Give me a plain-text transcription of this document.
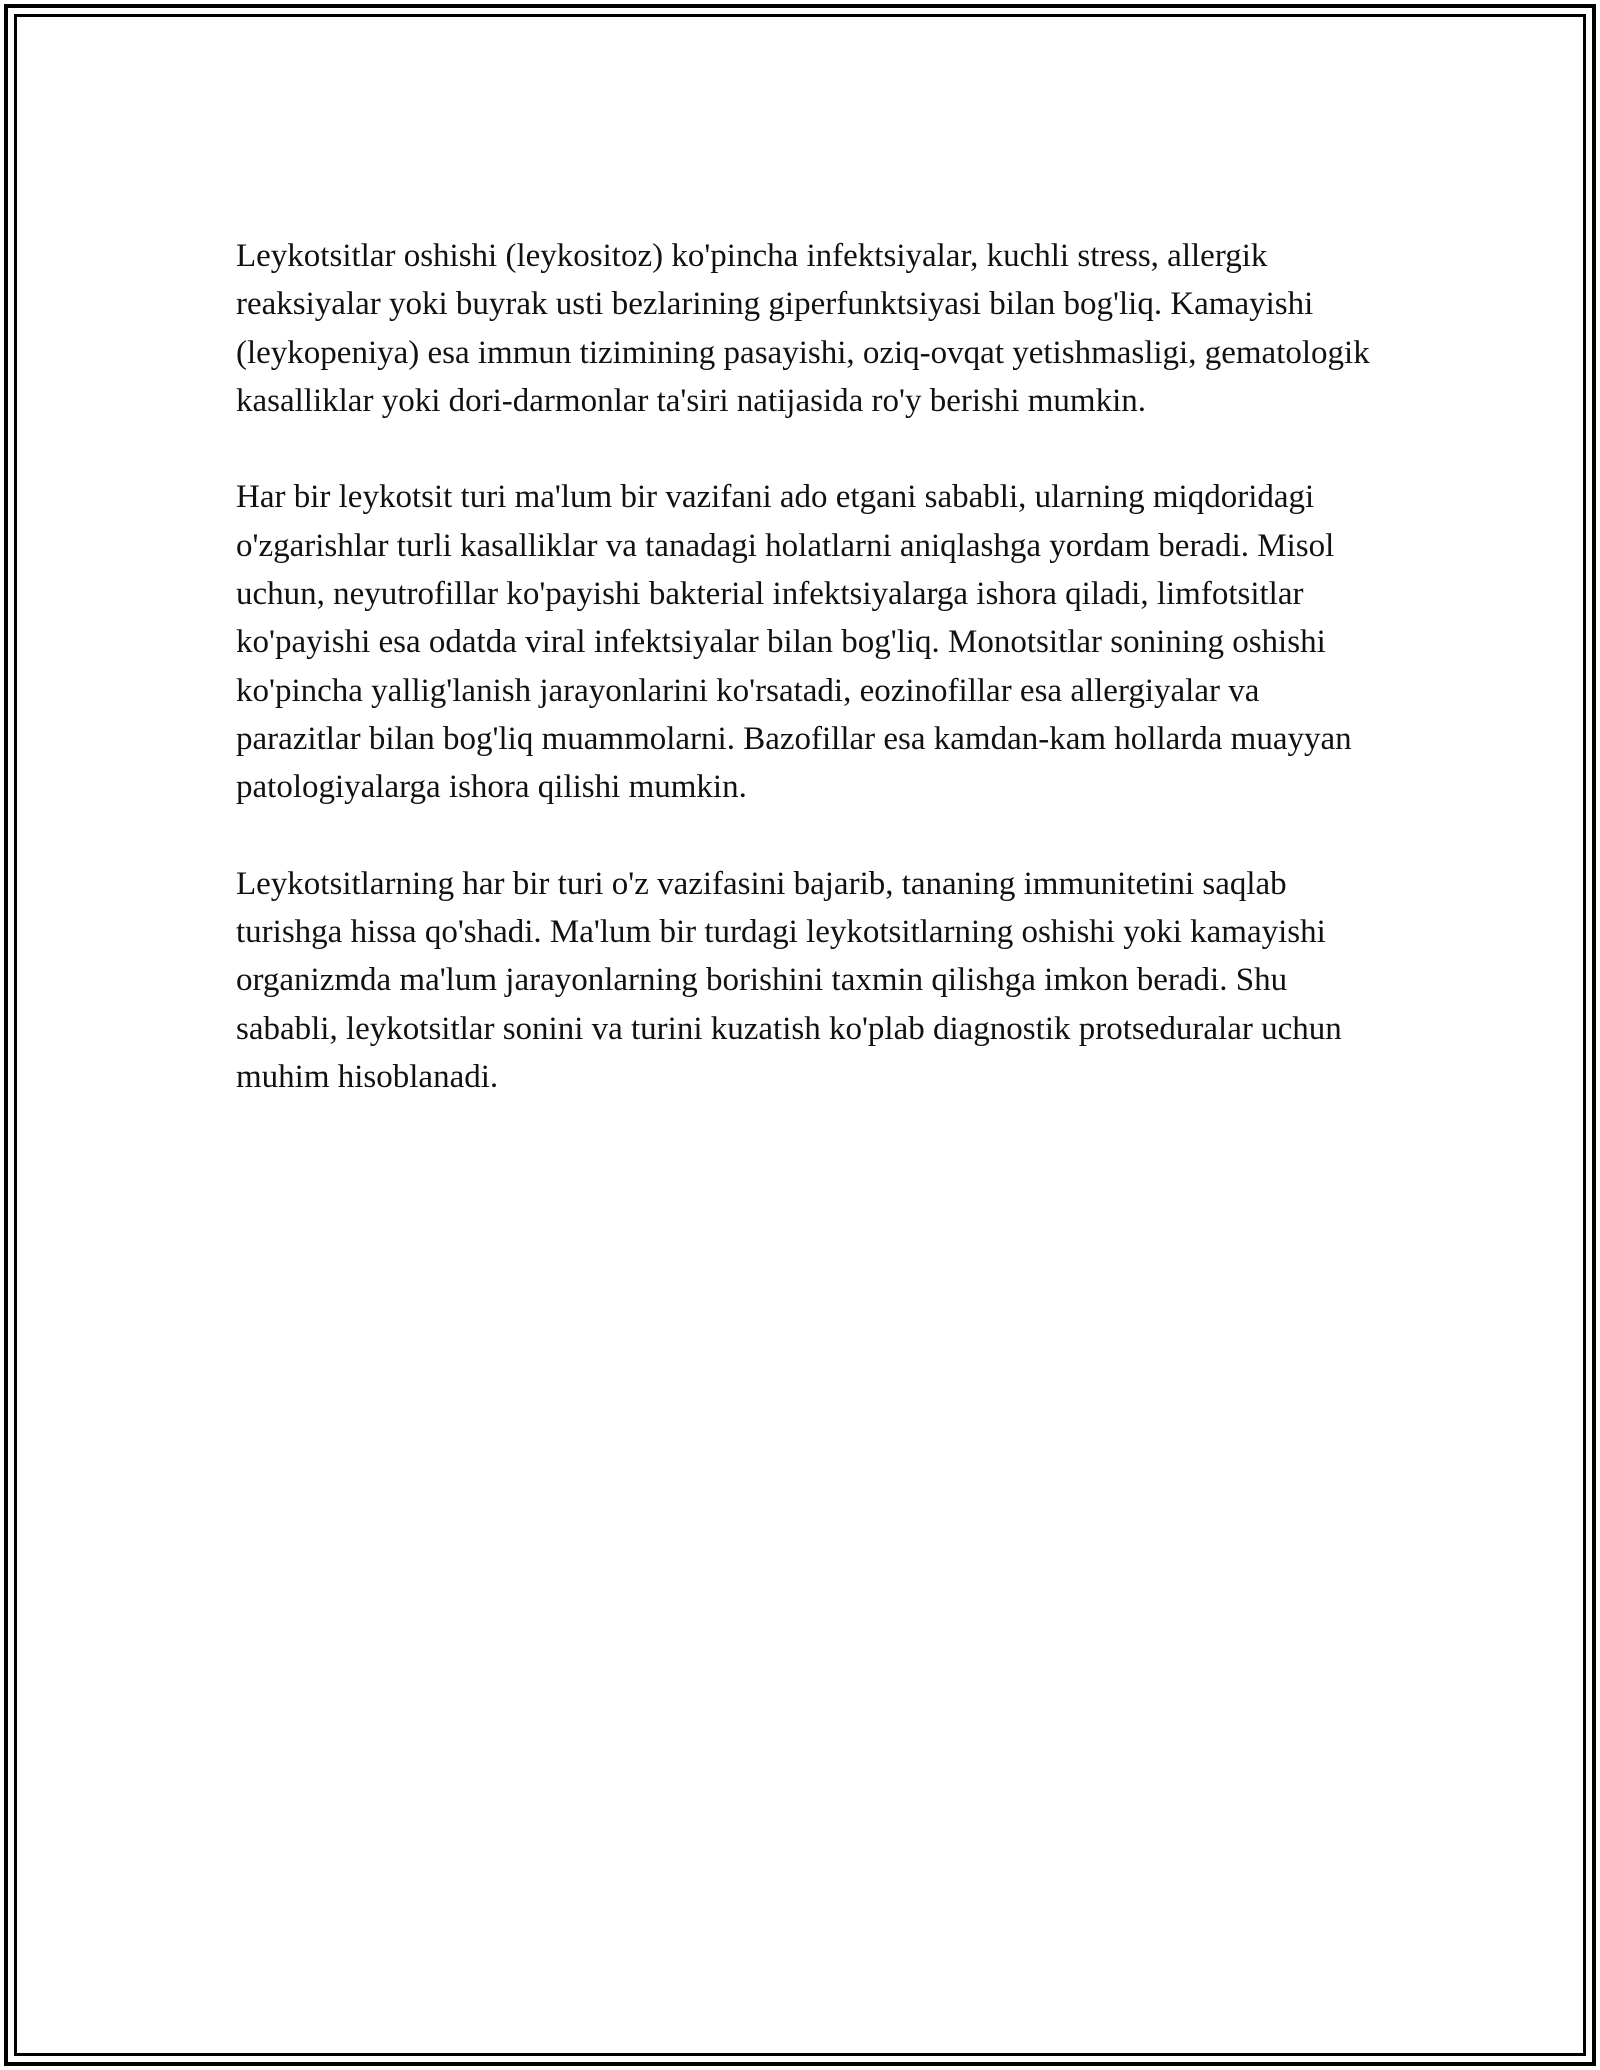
Leykotsitlar oshishi (leykositoz) ko'pincha infektsiyalar, kuchli stress, allergik reaksiyalar yoki buyrak usti bezlarining giperfunktsiyasi bilan bog'liq. Kamayishi (leykopeniya) esa immun tizimining pasayishi, oziq-ovqat yetishmasligi, gematologik kasalliklar yoki dori-darmonlar ta'siri natijasida ro'y berishi mumkin.

Har bir leykotsit turi ma'lum bir vazifani ado etgani sababli, ularning miqdoridagi o'zgarishlar turli kasalliklar va tanadagi holatlarni aniqlashga yordam beradi. Misol uchun, neyutrofillar ko'payishi bakterial infektsiyalarga ishora qiladi, limfotsitlar ko'payishi esa odatda viral infektsiyalar bilan bog'liq. Monotsitlar sonining oshishi ko'pincha yallig'lanish jarayonlarini ko'rsatadi, eozinofillar esa allergiyalar va parazitlar bilan bog'liq muammolarni. Bazofillar esa kamdan-kam hollarda muayyan patologiyalarga ishora qilishi mumkin.

Leykotsitlarning har bir turi o'z vazifasini bajarib, tananing immunitetini saqlab turishga hissa qo'shadi. Ma'lum bir turdagi leykotsitlarning oshishi yoki kamayishi organizmda ma'lum jarayonlarning borishini taxmin qilishga imkon beradi. Shu sababli, leykotsitlar sonini va turini kuzatish ko'plab diagnostik protseduralar uchun muhim hisoblanadi.
